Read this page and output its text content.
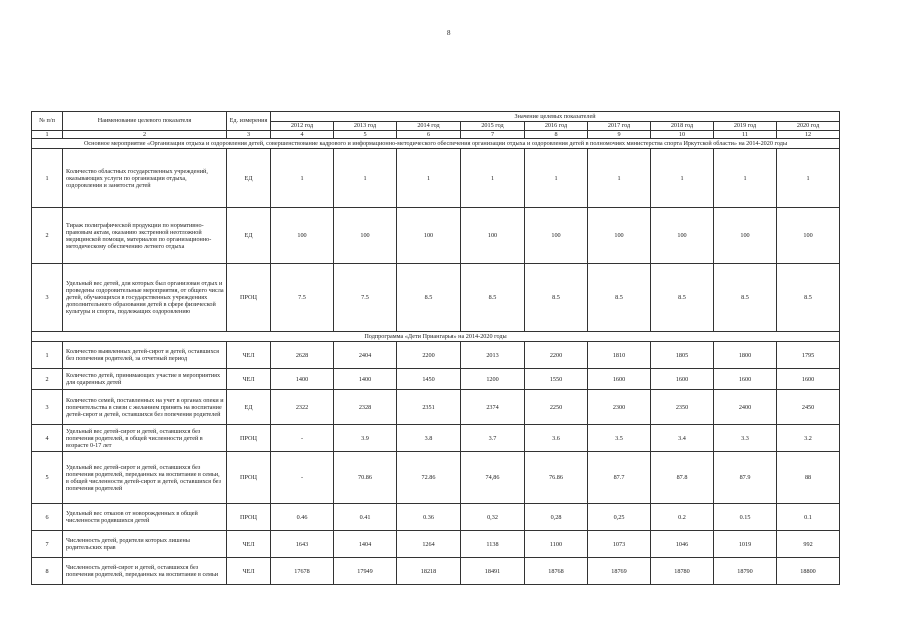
8
№ п/п	Наименование целевого показателя	Ед. измерения	Значение целевых показателей								
			2012 год	2013 год	2014 год	2015 год	2016 год	2017 год	2018 год	2019 год	2020 год
1	2	3	4	5	6	7	8	9	10	11	12
Основное мероприятие «Организация отдыха и оздоровления детей, совершенствование кадрового и информационно-методического обеспечения организации отдыха и оздоровления детей в полномочиях министерства спорта Иркутской области» на 2014-2020 годы											
1	Количество областных государственных учреждений, оказывающих услуги по организации отдыха, оздоровления и занятости детей	ЕД	1	1	1	1	1	1	1	1	1
2	Тираж полиграфической продукции по нормативно-правовым актам, оказанию экстренной неотложной медицинской помощи, материалов по организационно-методическому обеспечению летнего отдыха	ЕД	100	100	100	100	100	100	100	100	100
3	Удельный вес детей, для которых был организован отдых и проведены оздоровительные мероприятия, от общего числа детей, обучающихся в государственных учреждениях дополнительного образования детей в сфере физической культуры и спорта, подлежащих оздоровлению	ПРОЦ	7.5	7.5	8.5	8.5	8.5	8.5	8.5	8.5	8.5
Подпрограмма «Дети Приангарья» на 2014-2020 годы											
1	Количество выявленных детей-сирот и детей, оставшихся без попечения родителей, за отчетный период	ЧЕЛ	2628	2404	2200	2013	2200	1810	1805	1800	1795
2	Количество детей, принимающих участие в мероприятиях для одаренных детей	ЧЕЛ	1400	1400	1450	1200	1550	1600	1600	1600	1600
3	Количество семей, поставленных на учет в органах опеки и попечительства в связи с желанием принять на воспитание детей-сирот и детей, оставшихся без попечения родителей	ЕД	2322	2328	2351	2374	2250	2300	2350	2400	2450
4	Удельный вес детей-сирот и детей, оставшихся без попечения родителей, в общей численности детей в возрасте 0-17 лет	ПРОЦ	-	3.9	3.8	3.7	3.6	3.5	3.4	3.3	3.2
5	Удельный вес детей-сирот и детей, оставшихся без попечения родителей, переданных на воспитание в семьи, в общей численности детей-сирот и детей, оставшихся без попечения родителей	ПРОЦ	-	70.86	72.86	74,86	76.86	87.7	87.8	87.9	88
6	Удельный вес отказов от новорожденных в общей численности родившихся детей	ПРОЦ	0.46	0.41	0.36	0,32	0,28	0,25	0.2	0.15	0.1
7	Численность детей, родители которых лишены родительских прав	ЧЕЛ	1643	1404	1264	1138	1100	1073	1046	1019	992
8	Численность детей-сирот и детей, оставшихся без попечения родителей, переданных на воспитание в семьи	ЧЕЛ	17678	17949	18218	18491	18768	18769	18780	18790	18800
